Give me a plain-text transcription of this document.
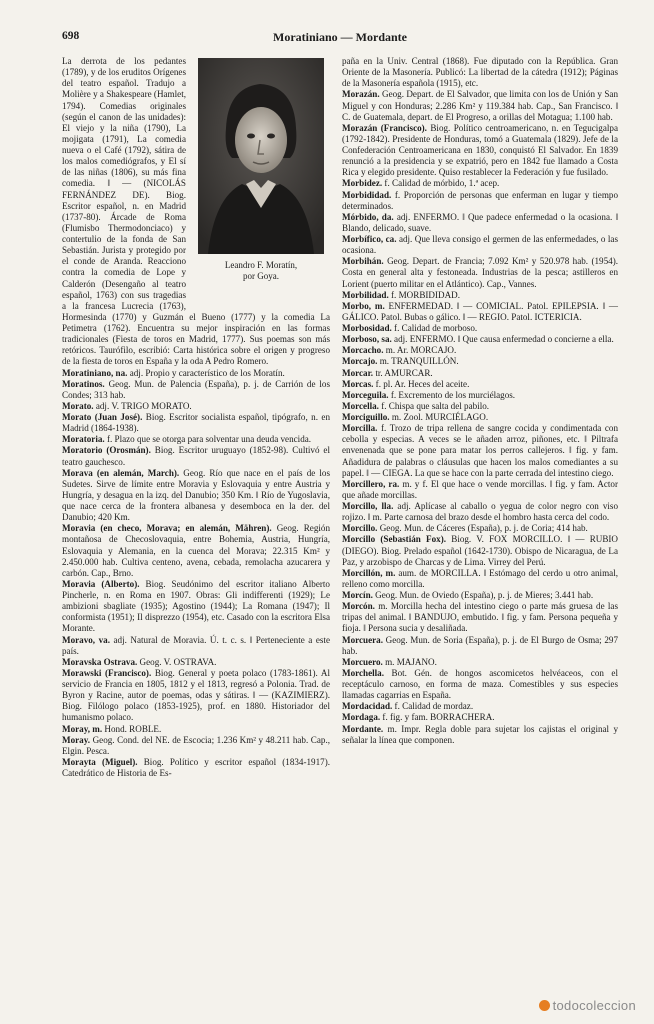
698	Moratiniano — Mordante
Leandro F. Moratín,
por Goya.

La derrota de los pedantes (1789), y de los eruditos Orígenes del teatro español. Tradujo a Molière y a Shakespeare (Hamlet, 1794). Comedias originales (según el canon de las unidades): El viejo y la niña (1790), La mojigata (1791), La comedia nueva o el Café (1792), sátira de los malos comediógrafos, y El sí de las niñas (1806), su más fina comedia. ‖ — (NICOLÁS FERNÁNDEZ DE). Biog. Escritor español, n. en Madrid (1737-80). Árcade de Roma (Flumisbo Thermodonciaco) y contertulio de la fonda de San Sebastián. Jurista y protegido por el conde de Aranda. Reacciono contra la comedia de Lope y Calderón (Desengaño al teatro español, 1763) con sus tragedias a la francesa Lucrecia (1763), Hormesinda (1770) y Guzmán el Bueno (1777) y la comedia La Petimetra (1762). Encuentra su mejor inspiración en las formas tradicionales (Fiesta de toros en Madrid, 1777). Sus poemas son más retóricos. Taurófilo, escribió: Carta histórica sobre el origen y progreso de la fiesta de toros en España y la oda A Pedro Romero.

Moratiniano, na. adj. Propio y característico de los Moratín.

Moratinos. Geog. Mun. de Palencia (España), p. j. de Carrión de los Condes; 313 hab.

Morato. adj. V. TRIGO MORATO.

Morato (Juan José). Biog. Escritor socialista español, tipógrafo, n. en Madrid (1864-1938).

Moratoria. f. Plazo que se otorga para solventar una deuda vencida.

Moratorio (Orosmán). Biog. Escritor uruguayo (1852-98). Cultivó el teatro gauchesco.

Morava (en alemán, March). Geog. Río que nace en el país de los Sudetes. Sirve de límite entre Moravia y Eslovaquia y entre Austria y Hungría, y desagua en la izq. del Danubio; 350 Km. ‖ Río de Yugoslavia, que nace cerca de la frontera albanesa y desemboca en la der. del Danubio; 420 Km.

Moravia (en checo, Morava; en alemán, Mähren). Geog. Región montañosa de Checoslovaquia, entre Bohemia, Austria, Hungría, Eslovaquia y Alemania, en la cuenca del Morava; 22.315 Km² y 2.450.000 hab. Cultiva centeno, avena, cebada, remolacha azucarera y carbón. Cap., Brno.

Moravia (Alberto). Biog. Seudónimo del escritor italiano Alberto Pincherle, n. en Roma en 1907. Obras: Gli indifferenti (1929); Le ambizioni sbagliate (1935); Agostino (1944); La Romana (1947); Il conformista (1951); Il disprezzo (1954), etc. Casado con la escritora Elsa Morante.

Moravo, va. adj. Natural de Moravia. Ú. t. c. s. ‖ Perteneciente a este país.

Moravska Ostrava. Geog. V. OSTRAVA.

Morawski (Francisco). Biog. General y poeta polaco (1783-1861). Al servicio de Francia en 1805, 1812 y el 1813, regresó a Polonia. Trad. de Byron y Racine, autor de poemas, odas y sátiras. ‖ — (KAZIMIERZ). Biog. Filólogo polaco (1853-1925), prof. en 1880. Historiador del humanismo polaco.

Moray, m. Hond. ROBLE.

Moray. Geog. Cond. del NE. de Escocia; 1.236 Km² y 48.211 hab. Cap., Elgin. Pesca.

Morayta (Miguel). Biog. Político y escritor español (1834-1917). Catedrático de Historia de Es-

paña en la Univ. Central (1868). Fue diputado con la República. Gran Oriente de la Masonería. Publicó: La libertad de la cátedra (1912); Páginas de la Masonería española (1915), etc.

Morazán. Geog. Depart. de El Salvador, que limita con los de Unión y San Miguel y con Honduras; 2.286 Km² y 119.384 hab. Cap., San Francisco. ‖ C. de Guatemala, depart. de El Progreso, a orillas del Motagua; 1.100 hab.

Morazán (Francisco). Biog. Político centroamericano, n. en Tegucigalpa (1792-1842). Presidente de Honduras, tomó a Guatemala (1829). Jefe de la Confederación Centroamericana en 1830, conquistó El Salvador. En 1839 renunció a la presidencia y se expatrió, pero en 1842 fue llamado a Costa Rica y elegido presidente. Quiso restablecer la Federación y fue fusilado.

Morbidez. f. Calidad de mórbido, 1.ª acep.

Morbididad. f. Proporción de personas que enferman en lugar y tiempo determinados.

Mórbido, da. adj. ENFERMO. ‖ Que padece enfermedad o la ocasiona. ‖ Blando, delicado, suave.

Morbífico, ca. adj. Que lleva consigo el germen de las enfermedades, o las ocasiona.

Morbihán. Geog. Depart. de Francia; 7.092 Km² y 520.978 hab. (1954). Costa en general alta y festoneada. Industrias de la pesca; astilleros en Lorient (puerto militar en el Atlántico). Cap., Vannes.

Morbilidad. f. MORBIDIDAD.

Morbo, m. ENFERMEDAD. ‖ — COMICIAL. Patol. EPILEPSIA. ‖ — GÁLICO. Patol. Bubas o gálico. ‖ — REGIO. Patol. ICTERICIA.

Morbosidad. f. Calidad de morboso.

Morboso, sa. adj. ENFERMO. ‖ Que causa enfermedad o concierne a ella.

Morcacho. m. Ar. MORCAJO.

Morcajo. m. TRANQUILLÓN.

Morcar. tr. AMURCAR.

Morcas. f. pl. Ar. Heces del aceite.

Morceguila. f. Excremento de los murciélagos.

Morcella. f. Chispa que salta del pabilo.

Morciguillo. m. Zool. MURCIÉLAGO.

Morcilla. f. Trozo de tripa rellena de sangre cocida y condimentada con cebolla y especias. A veces se le añaden arroz, piñones, etc. ‖ Piltrafa envenenada que se pone para matar los perros callejeros. ‖ fig. y fam. Añadidura de palabras o cláusulas que hacen los malos comediantes a su papel. ‖ — CIEGA. La que se hace con la parte cerrada del intestino ciego.

Morcillero, ra. m. y f. El que hace o vende morcillas. ‖ fig. y fam. Actor que añade morcillas.

Morcillo, lla. adj. Aplícase al caballo o yegua de color negro con viso rojizo. ‖ m. Parte carnosa del brazo desde el hombro hasta cerca del codo.

Morcillo. Geog. Mun. de Cáceres (España), p. j. de Coria; 414 hab.

Morcillo (Sebastián Fox). Biog. V. FOX MORCILLO. ‖ — RUBIO (DIEGO). Biog. Prelado español (1642-1730). Obispo de Nicaragua, de La Paz, y arzobispo de Charcas y de Lima. Virrey del Perú.

Morcillón, m. aum. de MORCILLA. ‖ Estómago del cerdo u otro animal, relleno como morcilla.

Morcín. Geog. Mun. de Oviedo (España), p. j. de Mieres; 3.441 hab.

Morcón. m. Morcilla hecha del intestino ciego o parte más gruesa de las tripas del animal. ‖ BANDUJO, embutido. ‖ fig. y fam. Persona pequeña y fioja. ‖ Persona sucia y desaliñada.

Morcuera. Geog. Mun. de Soria (España), p. j. de El Burgo de Osma; 297 hab.

Morcuero. m. MAJANO.

Morchella. Bot. Gén. de hongos ascomicetos helvéaceos, con el receptáculo carnoso, en forma de maza. Comestibles y sus especies llamadas cagarrias en España.

Mordacidad. f. Calidad de mordaz.

Mordaga. f. fig. y fam. BORRACHERA.

Mordante. m. Impr. Regla doble para sujetar los cajistas el original y señalar la línea que componen.

todocoleccion
